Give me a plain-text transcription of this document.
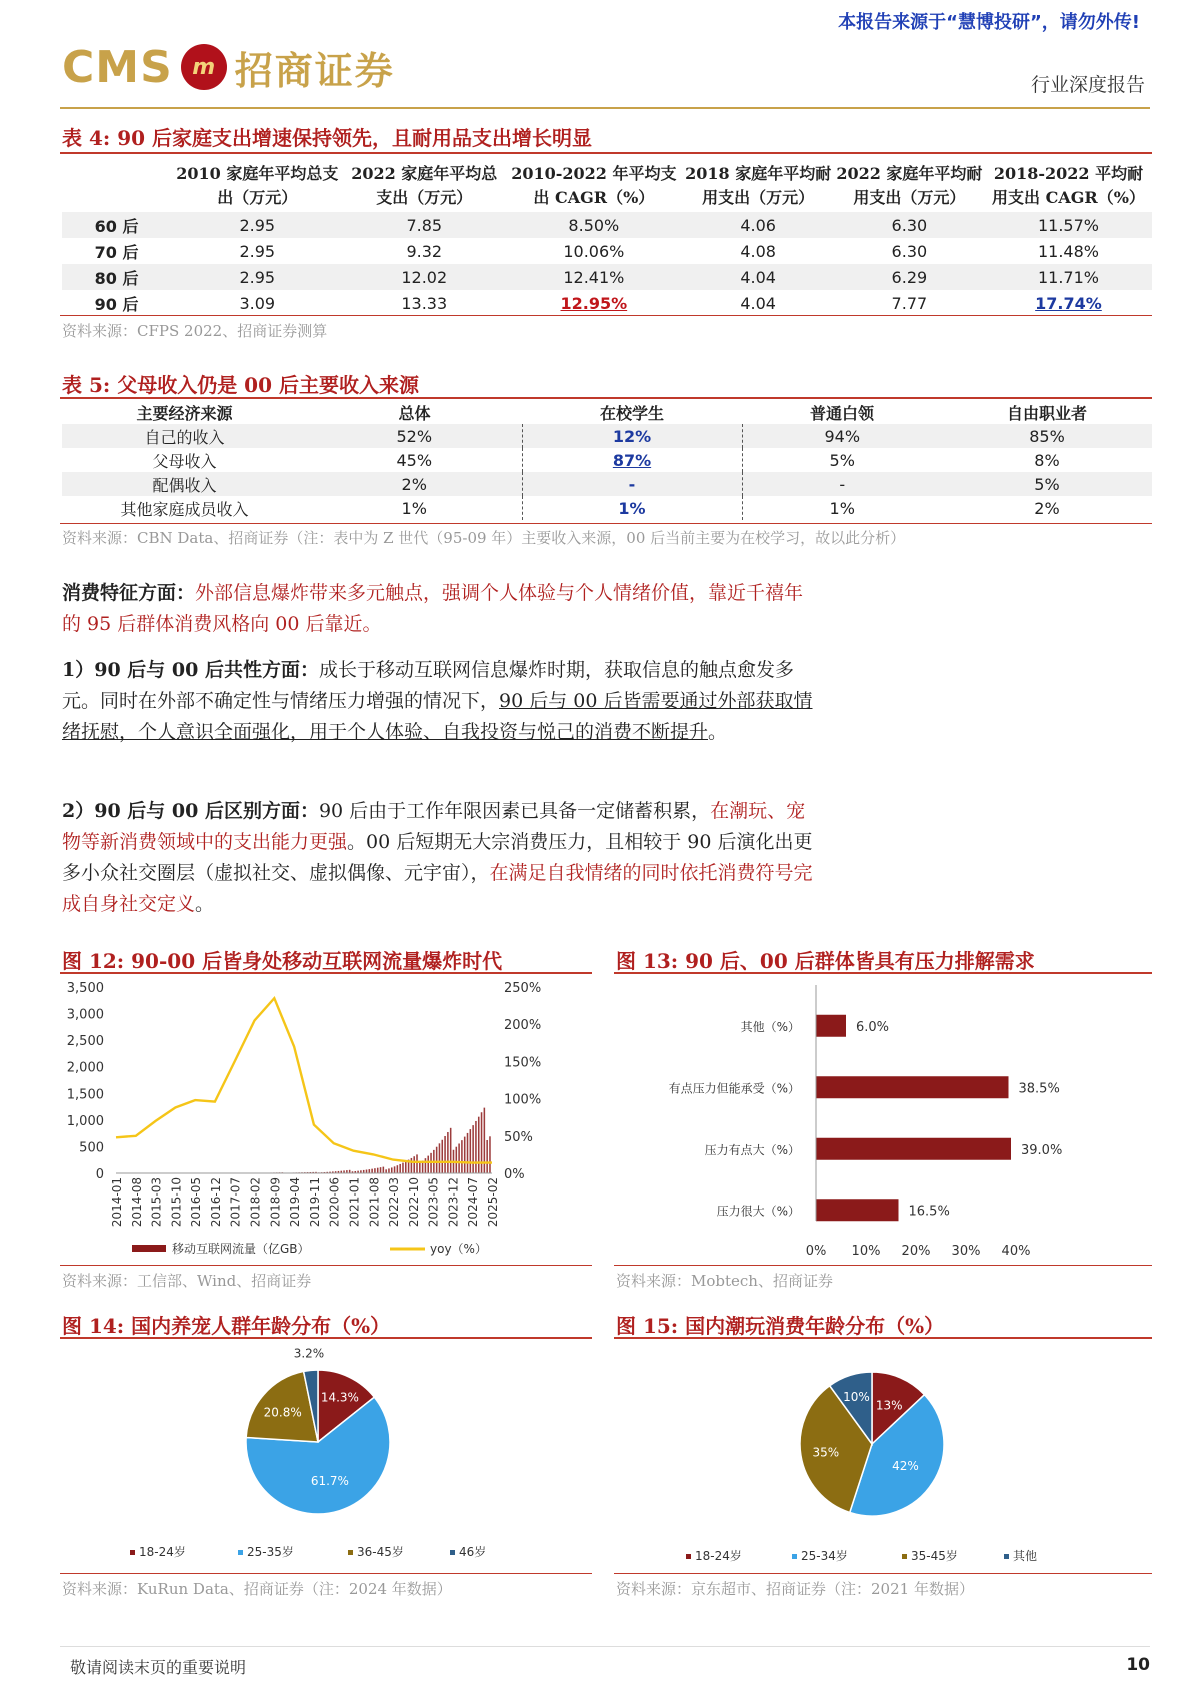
本报告来源于“慧博投研”，请勿外传!
CMS m 招商证券	行业深度报告
表 4: 90 后家庭支出增速保持领先，且耐用品支出增长明显
	2010 家庭年平均总支出（万元）	2022 家庭年平均总支出（万元）	2010-2022 年平均支出 CAGR（%）	2018 家庭年平均耐用支出（万元）	2022 家庭年平均耐用支出（万元）	2018-2022 平均耐用支出 CAGR（%）
60 后	2.95	7.85	8.50%	4.06	6.30	11.57%
70 后	2.95	9.32	10.06%	4.08	6.30	11.48%
80 后	2.95	12.02	12.41%	4.04	6.29	11.71%
90 后	3.09	13.33	12.95%	4.04	7.77	17.74%
资料来源：CFPS 2022、招商证券测算
表 5: 父母收入仍是 00 后主要收入来源
主要经济来源	总体	在校学生	普通白领	自由职业者
自己的收入	52%	12%	94%	85%
父母收入	45%	87%	5%	8%
配偶收入	2%	-	-	5%
其他家庭成员收入	1%	1%	1%	2%
资料来源：CBN Data、招商证券（注：表中为 Z 世代（95-09 年）主要收入来源，00 后当前主要为在校学习，故以此分析）
消费特征方面：外部信息爆炸带来多元触点，强调个人体验与个人情绪价值，靠近千禧年的 95 后群体消费风格向 00 后靠近。
1）90 后与 00 后共性方面：成长于移动互联网信息爆炸时期，获取信息的触点愈发多元。同时在外部不确定性与情绪压力增强的情况下，90 后与 00 后皆需要通过外部获取情绪抚慰，个人意识全面强化，用于个人体验、自我投资与悦己的消费不断提升。
2）90 后与 00 后区别方面：90 后由于工作年限因素已具备一定储蓄积累，在潮玩、宠物等新消费领域中的支出能力更强。00 后短期无大宗消费压力，且相较于 90 后演化出更多小众社交圈层（虚拟社交、虚拟偶像、元宇宙），在满足自我情绪的同时依托消费符号完成自身社交定义。
图 12: 90-00 后皆身处移动互联网流量爆炸时代	图 13: 90 后、00 后群体皆具有压力排解需求
0
500
1,000
1,500
2,000
2,500
3,000
3,500
0%
50%
100%
150%
200%
250%
2014-01 2014-08 2015-03 2015-10 2016-05 2016-12 2017-07 2018-02 2018-09 2019-04 2019-11 2020-06 2021-01 2021-08 2022-03 2022-10 2023-05 2023-12 2024-07 2025-02
移动互联网流量（亿GB）	yoy（%）
其他（%）	6.0%
有点压力但能承受（%）	38.5%
压力有点大（%）	39.0%
压力很大（%）	16.5%
0% 10% 20% 30% 40%
资料来源：工信部、Wind、招商证券	资料来源：Mobtech、招商证券
图 14: 国内养宠人群年龄分布（%）	图 15: 国内潮玩消费年龄分布（%）
14.3%
61.7%
20.8%
3.2%
18-24岁	25-35岁	36-45岁	46岁
13%
42%
35%
10%
18-24岁	25-34岁	35-45岁	其他
资料来源：KuRun Data、招商证券（注：2024 年数据）	资料来源：京东超市、招商证券（注：2021 年数据）
敬请阅读末页的重要说明	10
